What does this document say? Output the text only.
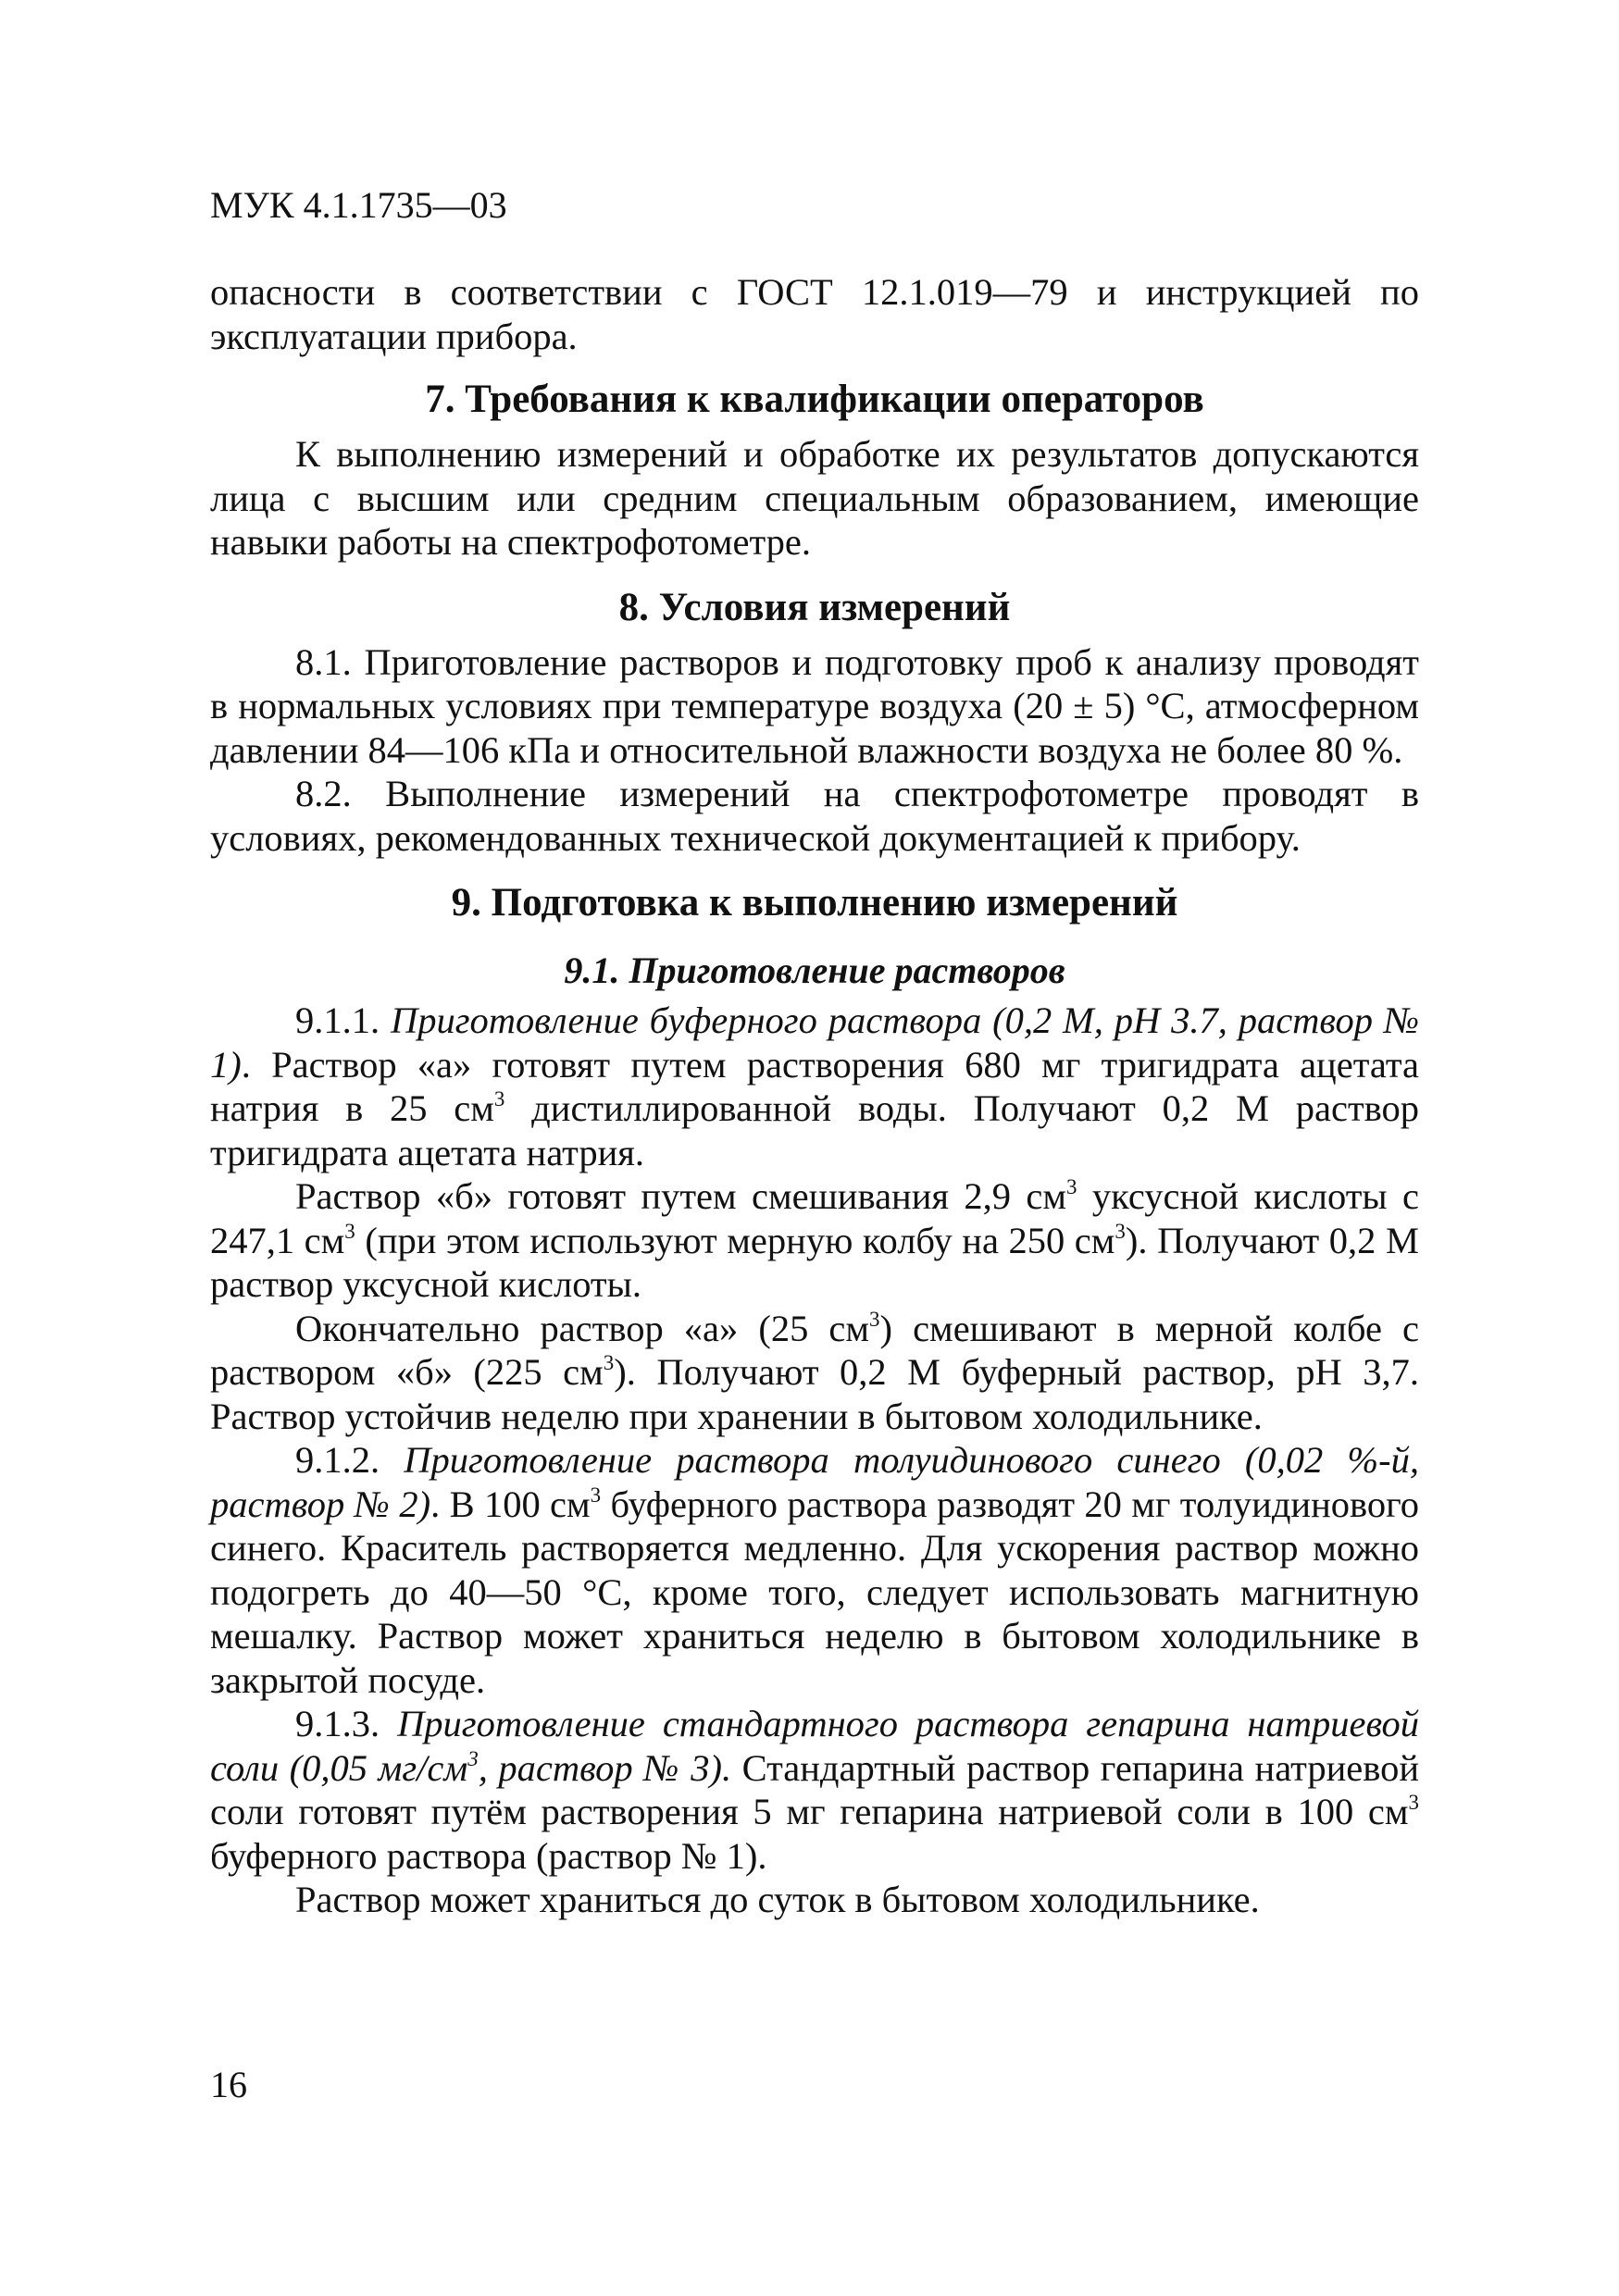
МУК 4.1.1735—03

опасности в соответствии с ГОСТ 12.1.019—79 и инструкцией по эксплуатации прибора.

7. Требования к квалификации операторов

К выполнению измерений и обработке их результатов допускаются лица с высшим или средним специальным образованием, имеющие навыки работы на спектрофотометре.

8. Условия измерений

8.1. Приготовление растворов и подготовку проб к анализу проводят в нормальных условиях при температуре воздуха (20 ± 5) °С, атмосферном давлении 84—106 кПа и относительной влажности воздуха не более 80 %.

8.2. Выполнение измерений на спектрофотометре проводят в условиях, рекомендованных технической документацией к прибору.

9. Подготовка к выполнению измерений
9.1. Приготовление растворов

9.1.1. Приготовление буферного раствора (0,2 М, рН 3.7, раствор № 1). Раствор «а» готовят путем растворения 680 мг тригидрата ацетата натрия в 25 $см^3$ дистиллированной воды. Получают 0,2 М раствор тригидрата ацетата натрия.

Раствор «б» готовят путем смешивания 2,9 $см^3$ уксусной кислоты с 247,1 $см^3$ (при этом используют мерную колбу на 250 $см^3$). Получают 0,2 М раствор уксусной кислоты.

Окончательно раствор «а» (25 $см^3$) смешивают в мерной колбе с раствором «б» (225 $см^3$). Получают 0,2 М буферный раствор, рН 3,7. Раствор устойчив неделю при хранении в бытовом холодильнике.

9.1.2. Приготовление раствора толуидинового синего (0,02 %-й, раствор № 2). В 100 $см^3$ буферного раствора разводят 20 мг толуидинового синего. Краситель растворяется медленно. Для ускорения раствор можно подогреть до 40—50 °С, кроме того, следует использовать магнитную мешалку. Раствор может храниться неделю в бытовом холодильнике в закрытой посуде.

9.1.3. Приготовление стандартного раствора гепарина натриевой соли (0,05 $мг/см^3$, раствор № 3). Стандартный раствор гепарина натриевой соли готовят путём растворения 5 мг гепарина натриевой соли в 100 $см^3$ буферного раствора (раствор № 1).

Раствор может храниться до суток в бытовом холодильнике.

16
